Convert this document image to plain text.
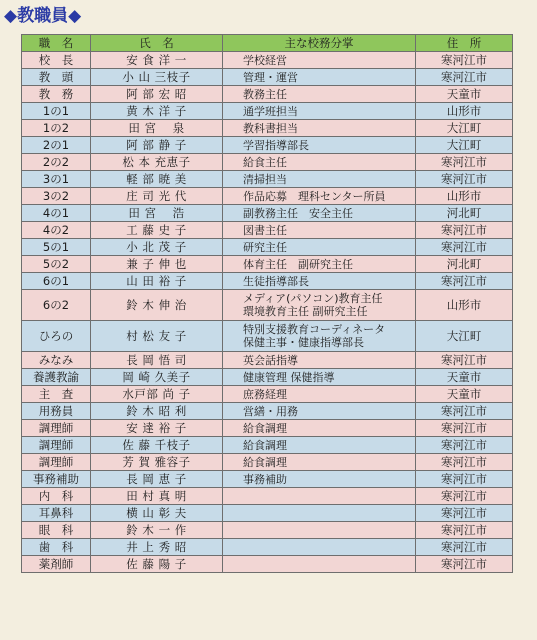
◆教職員◆
職　名	氏　名	主な校務分掌	住　所
校　長	安 食 洋 一	学校経営	寒河江市
教　頭	小 山 三枝子	管理・運営	寒河江市
教　務	阿 部 宏 昭	教務主任	天童市
1の1	黄 木 洋 子	通学班担当	山形市
1の2	田 宮　 泉	教科書担当	大江町
2の1	阿 部 静 子	学習指導部長	大江町
2の2	松 本 充恵子	給食主任	寒河江市
3の1	軽 部 暁 美	清掃担当	寒河江市
3の2	庄 司 光 代	作品応募　理科センター所員	山形市
4の1	田 宮　 浩	副教務主任　安全主任	河北町
4の2	工 藤 史 子	図書主任	寒河江市
5の1	小 北 茂 子	研究主任	寒河江市
5の2	兼 子 伸 也	体育主任　副研究主任	河北町
6の1	山 田 裕 子	生徒指導部長	寒河江市
6の2	鈴 木 伸 治	メディア(パソコン)教育主任
環境教育主任 副研究主任	山形市
ひろの	村 松 友 子	特別支援教育コーディネータ
保健主事・健康指導部長	大江町
みなみ	長 岡 悟 司	英会話指導	寒河江市
養護教諭	岡 崎 久美子	健康管理 保健指導	天童市
主　査	水戸部 尚 子	庶務経理	天童市
用務員	鈴 木 昭 利	営繕・用務	寒河江市
調理師	安 達 裕 子	給食調理	寒河江市
調理師	佐 藤 千枝子	給食調理	寒河江市
調理師	芳 賀 雅容子	給食調理	寒河江市
事務補助	長 岡 恵 子	事務補助	寒河江市
内　科	田 村 真 明		寒河江市
耳鼻科	横 山 彰 夫		寒河江市
眼　科	鈴 木 一 作		寒河江市
歯　科	井 上 秀 昭		寒河江市
薬剤師	佐 藤 陽 子		寒河江市
